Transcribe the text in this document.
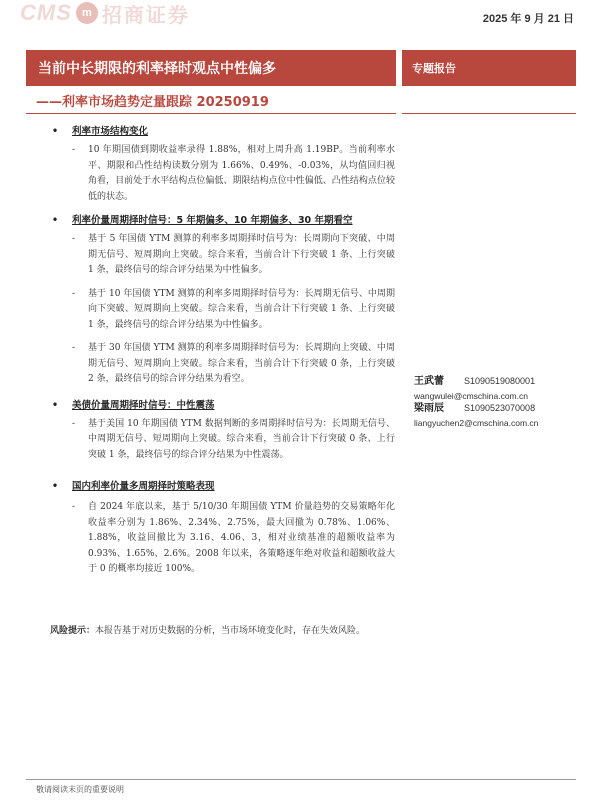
CMS m 招商证券	2025 年 9 月 21 日
当前中长期限的利率择时观点中性偏多	专题报告
——利率市场趋势定量跟踪 20250919
• 利率市场结构变化
- 10 年期国债到期收益率录得 1.88%，相对上周升高 1.19BP。当前利率水平、期限和凸性结构读数分别为 1.66%、0.49%、-0.03%，从均值回归视角看，目前处于水平结构点位偏低、期限结构点位中性偏低、凸性结构点位较低的状态。
• 利率价量周期择时信号：5 年期偏多、10 年期偏多、30 年期看空
- 基于 5 年国债 YTM 测算的利率多周期择时信号为：长周期向下突破、中周期无信号、短周期向上突破。综合来看，当前合计下行突破 1 条、上行突破 1 条，最终信号的综合评分结果为中性偏多。
- 基于 10 年国债 YTM 测算的利率多周期择时信号为：长周期无信号、中周期向下突破、短周期向上突破。综合来看，当前合计下行突破 1 条、上行突破 1 条，最终信号的综合评分结果为中性偏多。
- 基于 30 年国债 YTM 测算的利率多周期择时信号为：长周期向上突破、中周期无信号、短周期向上突破。综合来看，当前合计下行突破 0 条，上行突破 2 条，最终信号的综合评分结果为看空。
• 美债价量周期择时信号：中性震荡
- 基于美国 10 年期国债 YTM 数据判断的多周期择时信号为：长周期无信号、中周期无信号、短周期向上突破。综合来看，当前合计下行突破 0 条、上行突破 1 条，最终信号的综合评分结果为中性震荡。
• 国内利率价量多周期择时策略表现
- 自 2024 年底以来，基于 5/10/30 年期国债 YTM 价量趋势的交易策略年化收益率分别为 1.86%、2.34%、2.75%，最大回撤为 0.78%、1.06%、1.88%，收益回撤比为 3.16、4.06、3，相对业绩基准的超额收益率为 0.93%、1.65%、2.6%。2008 年以来，各策略逐年绝对收益和超额收益大于 0 的概率均接近 100%。
风险提示：本报告基于对历史数据的分析，当市场环境变化时，存在失效风险。
王武蕾 S1090519080001
wangwulei@cmschina.com.cn
梁雨辰 S1090523070008
liangyuchen2@cmschina.com.cn
敬请阅读末页的重要说明
